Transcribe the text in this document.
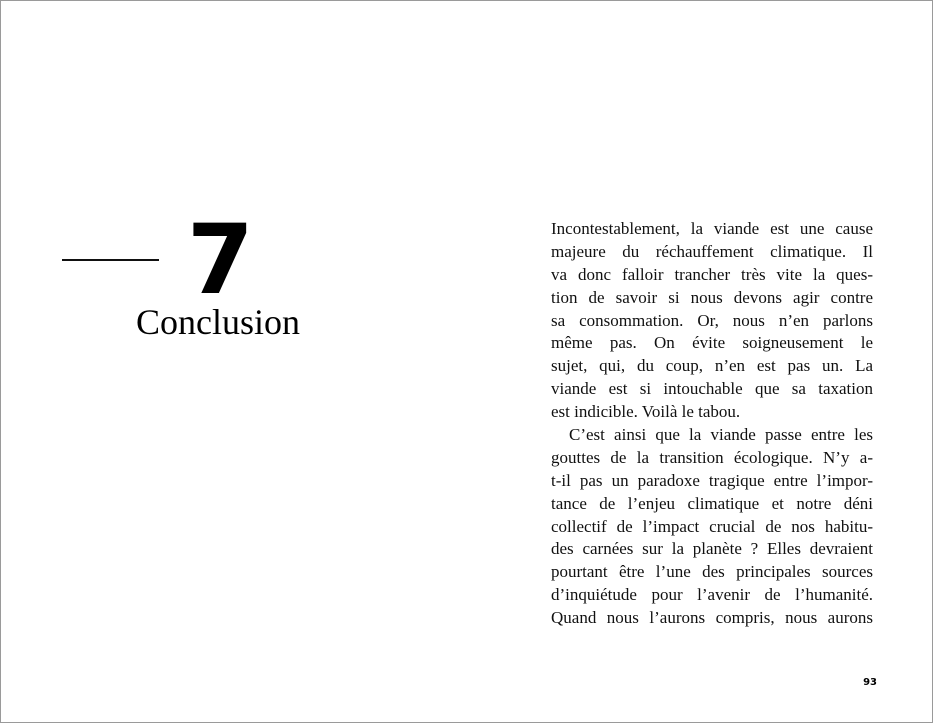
7
Conclusion
Incontestablement, la viande est une cause
majeure du réchauffement climatique. Il
va donc falloir trancher très vite la ques-
tion de savoir si nous devons agir contre
sa consommation. Or, nous n’en parlons
même pas. On évite soigneusement le
sujet, qui, du coup, n’en est pas un. La
viande est si intouchable que sa taxation
est indicible. Voilà le tabou.
C’est ainsi que la viande passe entre les
gouttes de la transition écologique. N’y a-
t-il pas un paradoxe tragique entre l’impor-
tance de l’enjeu climatique et notre déni
collectif de l’impact crucial de nos habitu-
des carnées sur la planète ? Elles devraient
pourtant être l’une des principales sources
d’inquiétude pour l’avenir de l’humanité.
Quand nous l’aurons compris, nous aurons
93
